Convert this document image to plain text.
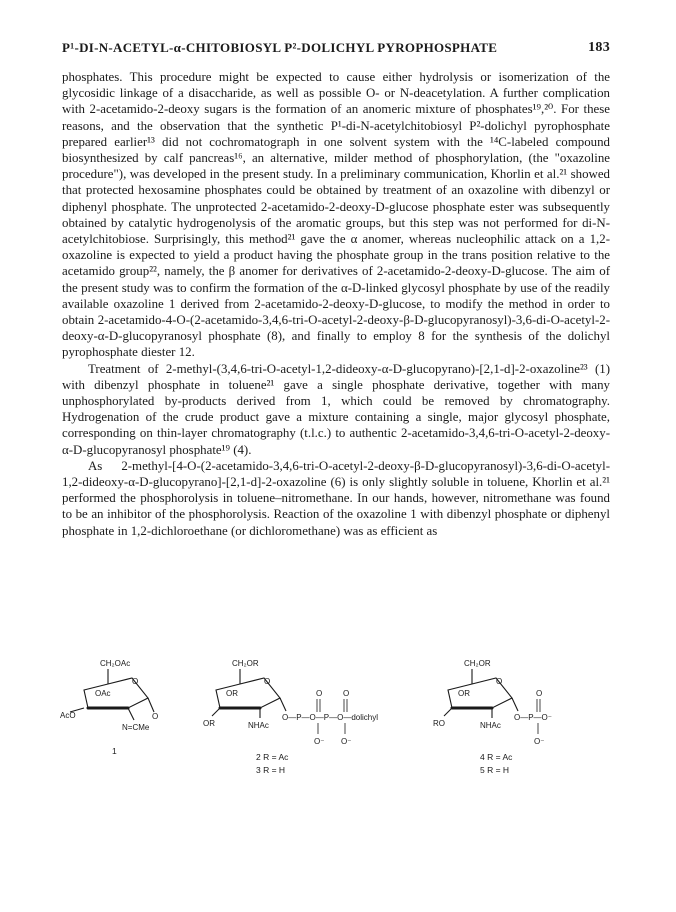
P¹-DI-N-ACETYL-α-CHITOBIOSYL P²-DOLICHYL PYROPHOSPHATE	183

phosphates. This procedure might be expected to cause either hydrolysis or isomerization of the glycosidic linkage of a disaccharide, as well as possible O- or N-deacetylation. A further complication with 2-acetamido-2-deoxy sugars is the formation of an anomeric mixture of phosphates¹⁹,²⁰. For these reasons, and the observation that the synthetic P¹-di-N-acetylchitobiosyl P²-dolichyl pyrophosphate prepared earlier¹³ did not cochromatograph in one solvent system with the ¹⁴C-labeled compound biosynthesized by calf pancreas¹⁶, an alternative, milder method of phosphorylation, (the "oxazoline procedure"), was developed in the present study. In a preliminary communication, Khorlin et al.²¹ showed that protected hexosamine phosphates could be obtained by treatment of an oxazoline with dibenzyl or diphenyl phosphate. The unprotected 2-acetamido-2-deoxy-D-glucose phosphate ester was subsequently obtained by catalytic hydrogenolysis of the aromatic groups, but this step was not performed for di-N-acetylchitobiose. Surprisingly, this method²¹ gave the α anomer, whereas nucleophilic attack on a 1,2-oxazoline is expected to yield a product having the phosphate group in the trans position relative to the acetamido group²², namely, the β anomer for derivatives of 2-acetamido-2-deoxy-D-glucose. The aim of the present study was to confirm the formation of the α-D-linked glycosyl phosphate by use of the readily available oxazoline 1 derived from 2-acetamido-2-deoxy-D-glucose, to modify the method in order to obtain 2-acetamido-4-O-(2-acetamido-3,4,6-tri-O-acetyl-2-deoxy-β-D-glucopyranosyl)-3,6-di-O-acetyl-2-deoxy-α-D-glucopyranosyl phosphate (8), and finally to employ 8 for the synthesis of the dolichyl pyrophosphate diester 12.

Treatment of 2-methyl-(3,4,6-tri-O-acetyl-1,2-dideoxy-α-D-glucopyrano)-[2,1-d]-2-oxazoline²³ (1) with dibenzyl phosphate in toluene²¹ gave a single phosphate derivative, together with many unphosphorylated by-products derived from 1, which could be removed by chromatography. Hydrogenation of the crude product gave a mixture containing a single, major glycosyl phosphate, corresponding on thin-layer chromatography (t.l.c.) to authentic 2-acetamido-3,4,6-tri-O-acetyl-2-deoxy-α-D-glucopyranosyl phosphate¹⁹ (4).

As 2-methyl-[4-O-(2-acetamido-3,4,6-tri-O-acetyl-2-deoxy-β-D-glucopyranosyl)-3,6-di-O-acetyl-1,2-dideoxy-α-D-glucopyrano]-[2,1-d]-2-oxazoline (6) is only slightly soluble in toluene, Khorlin et al.²¹ performed the phosphorolysis in toluene–nitromethane. In our hands, however, nitromethane was found to be an inhibitor of the phosphorolysis. Reaction of the oxazoline 1 with dibenzyl phosphate or diphenyl phosphate in 1,2-dichloroethane (or dichloromethane) was as efficient as

CH₂OAc
O
OAc
AcO	O
N=CMe
1
CH₂OR
O
OR
OR	NHAc
O—P—O—P—O—dolichyl
O
O⁻
O
O⁻
2 R = Ac
3 R = H
CH₂OR
O
OR
RO	NHAc
O—P—O⁻
O
O⁻
4 R = Ac
5 R = H
